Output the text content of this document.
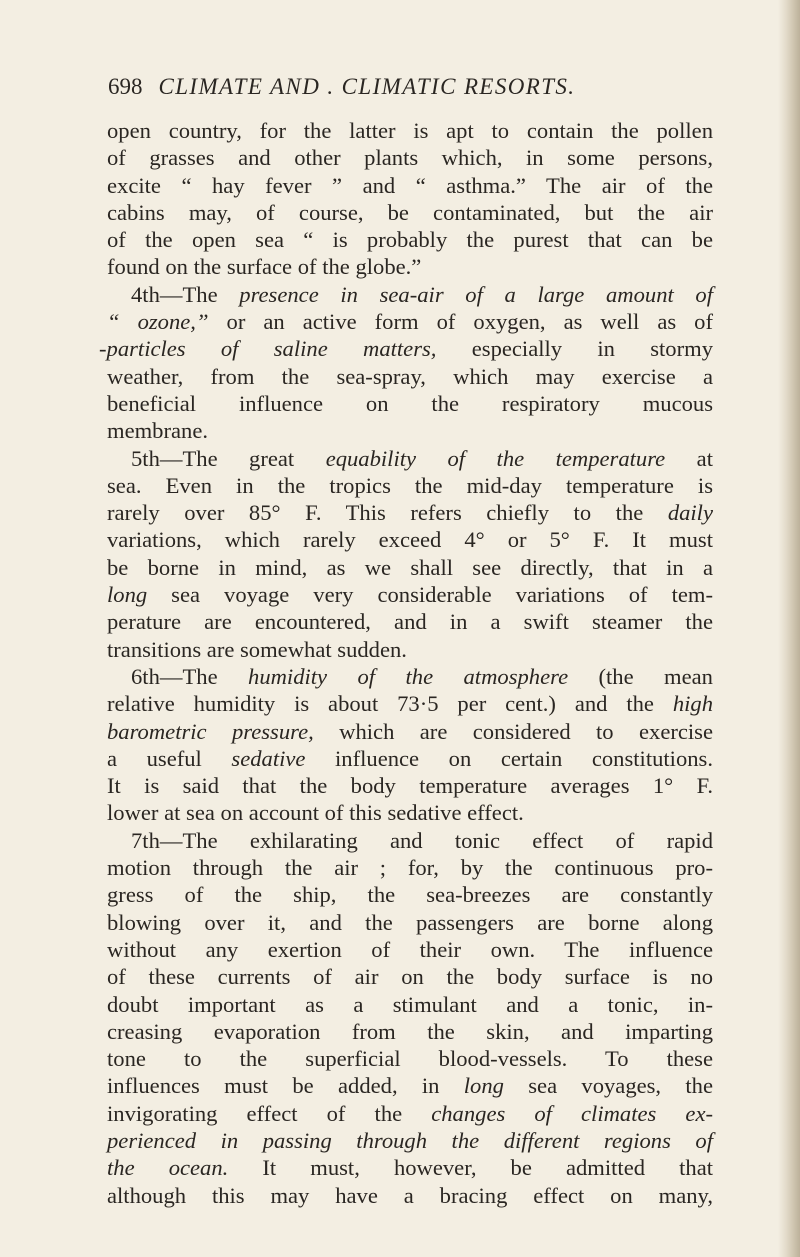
698 CLIMATE AND . CLIMATIC RESORTS.
open country, for the latter is apt to contain the pollen
of grasses and other plants which, in some persons,
excite “ hay fever ” and “ asthma.” The air of the
cabins may, of course, be contaminated, but the air
of the open sea “ is probably the purest that can be
found on the surface of the globe.”
4th—The presence in sea-air of a large amount of
“ ozone,” or an active form of oxygen, as well as of
-particles of saline matters, especially in stormy
weather, from the sea-spray, which may exercise a
beneficial influence on the respiratory mucous
membrane.
5th—The great equability of the temperature at
sea. Even in the tropics the mid-day temperature is
rarely over 85° F. This refers chiefly to the daily
variations, which rarely exceed 4° or 5° F. It must
be borne in mind, as we shall see directly, that in a
long sea voyage very considerable variations of tem-
perature are encountered, and in a swift steamer the
transitions are somewhat sudden.
6th—The humidity of the atmosphere (the mean
relative humidity is about 73·5 per cent.) and the high
barometric pressure, which are considered to exercise
a useful sedative influence on certain constitutions.
It is said that the body temperature averages 1° F.
lower at sea on account of this sedative effect.
7th—The exhilarating and tonic effect of rapid
motion through the air ; for, by the continuous pro-
gress of the ship, the sea-breezes are constantly
blowing over it, and the passengers are borne along
without any exertion of their own. The influence
of these currents of air on the body surface is no
doubt important as a stimulant and a tonic, in-
creasing evaporation from the skin, and imparting
tone to the superficial blood-vessels. To these
influences must be added, in long sea voyages, the
invigorating effect of the changes of climates ex-
perienced in passing through the different regions of
the ocean. It must, however, be admitted that
although this may have a bracing effect on many,
